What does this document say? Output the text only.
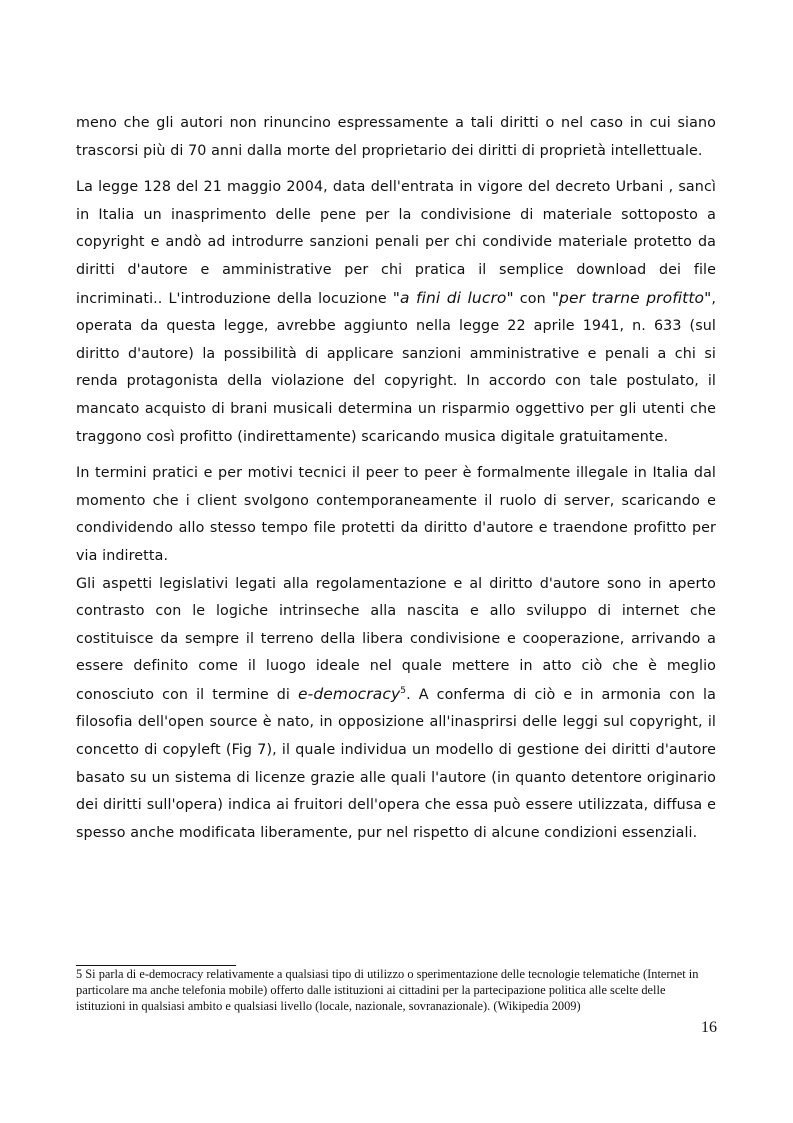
meno che gli autori non rinuncino espressamente a tali diritti o nel caso in cui siano trascorsi più di 70 anni dalla morte del proprietario dei diritti di proprietà intellettuale.

La legge 128 del 21 maggio 2004, data dell'entrata in vigore del decreto Urbani , sancì in Italia un inasprimento delle pene per la condivisione di materiale sottoposto a copyright e andò ad introdurre sanzioni penali per chi condivide materiale protetto da diritti d'autore e amministrative per chi pratica il semplice download dei file incriminati.. L'introduzione della locuzione "a fini di lucro" con "per trarne profitto", operata da questa legge, avrebbe aggiunto nella legge 22 aprile 1941, n. 633 (sul diritto d'autore) la possibilità di applicare sanzioni amministrative e penali a chi si renda protagonista della violazione del copyright. In accordo con tale postulato, il mancato acquisto di brani musicali determina un risparmio oggettivo per gli utenti che traggono così profitto (indirettamente) scaricando musica digitale gratuitamente.

In termini pratici e per motivi tecnici il peer to peer è formalmente illegale in Italia dal momento che i client svolgono contemporaneamente il ruolo di server, scaricando e condividendo allo stesso tempo file protetti da diritto d'autore e traendone profitto per via indiretta.

Gli aspetti legislativi legati alla regolamentazione e al diritto d'autore sono in aperto contrasto con le logiche intrinseche alla nascita e allo sviluppo di internet che costituisce da sempre il terreno della libera condivisione e cooperazione, arrivando a essere definito come il luogo ideale nel quale mettere in atto ciò che è meglio conosciuto con il termine di e-democracy$^5$. A conferma di ciò e in armonia con la filosofia dell'open source è nato, in opposizione all'inasprirsi delle leggi sul copyright, il concetto di copyleft (Fig 7), il quale individua un modello di gestione dei diritti d'autore basato su un sistema di licenze grazie alle quali l'autore (in quanto detentore originario dei diritti sull'opera) indica ai fruitori dell'opera che essa può essere utilizzata, diffusa e spesso anche modificata liberamente, pur nel rispetto di alcune condizioni essenziali.

5 Si parla di e-democracy relativamente a qualsiasi tipo di utilizzo o sperimentazione delle tecnologie telematiche (Internet in particolare ma anche telefonia mobile) offerto dalle istituzioni ai cittadini per la partecipazione politica alle scelte delle istituzioni in qualsiasi ambito e qualsiasi livello (locale, nazionale, sovranazionale). (Wikipedia 2009)
16
